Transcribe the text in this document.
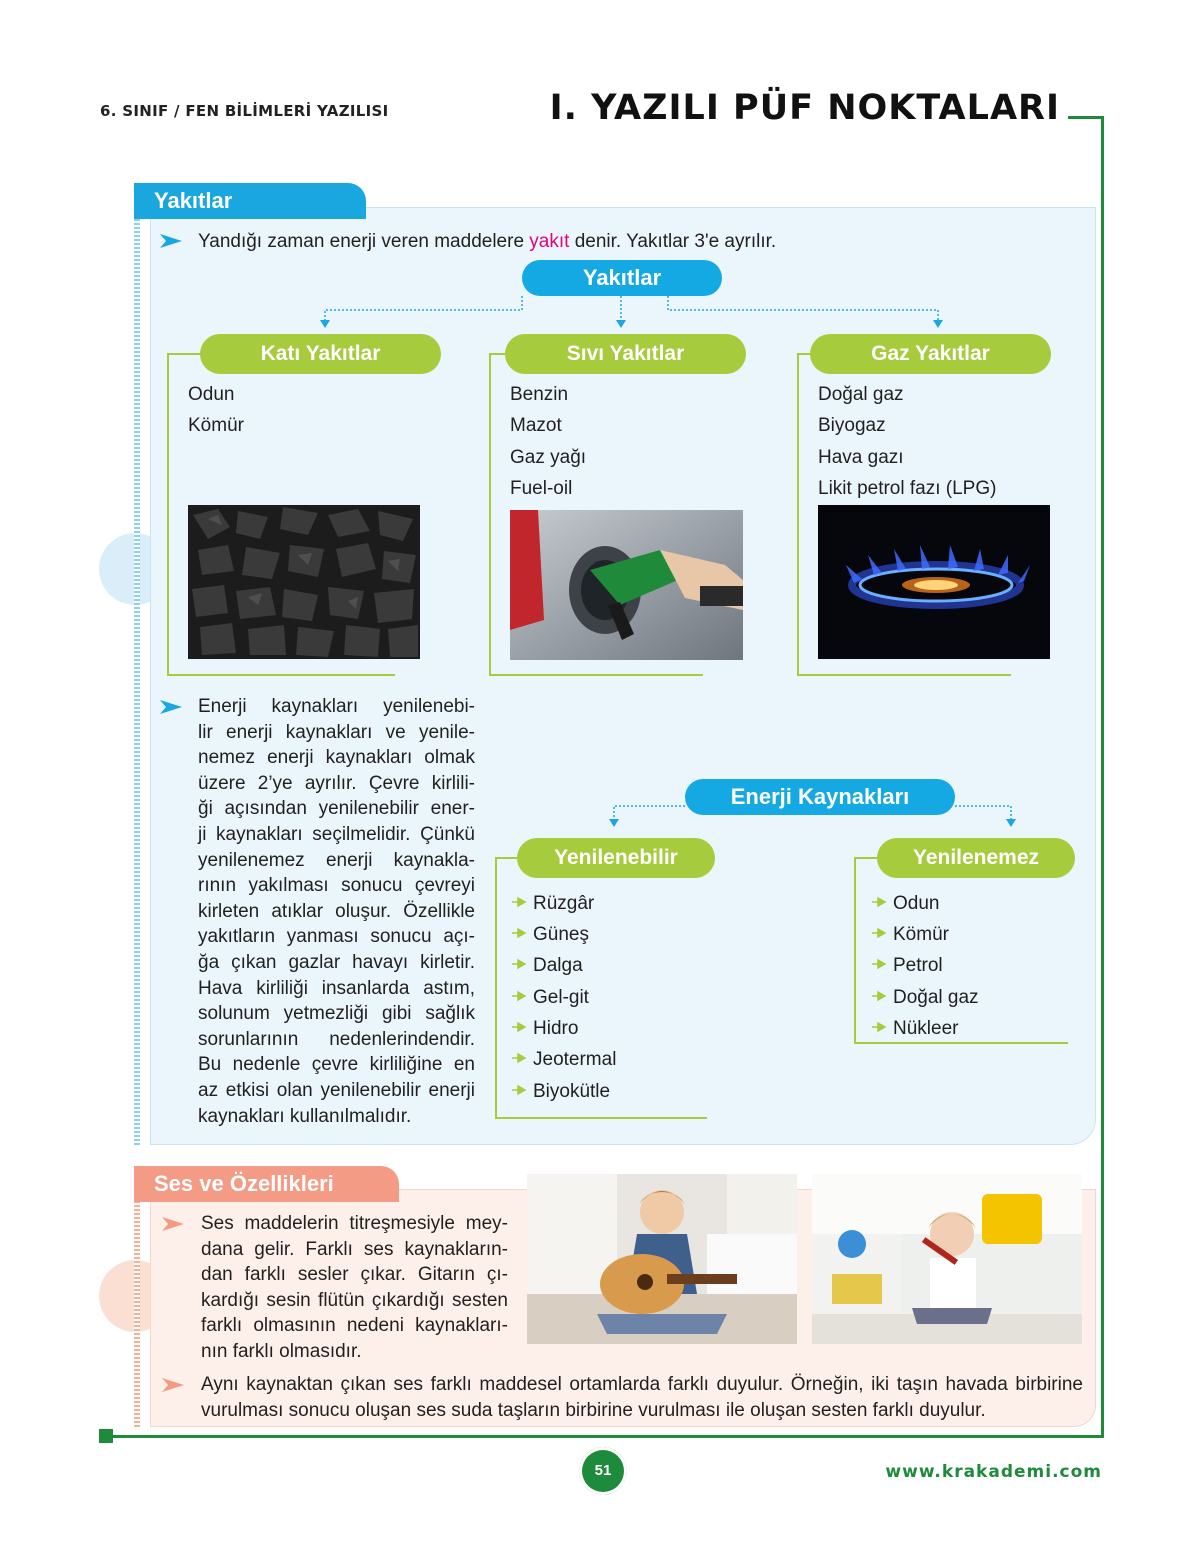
6. SINIF / FEN BİLİMLERİ YAZILISI	I. YAZILI PÜF NOKTALARI
Yakıtlar
Yandığı zaman enerji veren maddelere yakıt denir. Yakıtlar 3'e ayrılır.
Yakıtlar
Katı Yakıtlar
Odun
Kömür
Sıvı Yakıtlar
Benzin
Mazot
Gaz yağı
Fuel-oil
Gaz Yakıtlar
Doğal gaz
Biyogaz
Hava gazı
Likit petrol fazı (LPG)
Enerji kaynakları yenilenebi-
lir enerji kaynakları ve yenile-
nemez enerji kaynakları olmak
üzere 2’ye ayrılır. Çevre kirlili-
ği açısından yenilenebilir ener-
ji kaynakları seçilmelidir. Çünkü
yenilenemez enerji kaynakla-
rının yakılması sonucu çevreyi
kirleten atıklar oluşur. Özellikle
yakıtların yanması sonucu açı-
ğa çıkan gazlar havayı kirletir.
Hava kirliliği insanlarda astım,
solunum yetmezliği gibi sağlık
sorunlarının nedenlerindendir.
Bu nedenle çevre kirliliğine en
az etkisi olan yenilenebilir enerji
kaynakları kullanılmalıdır.
Enerji Kaynakları
Yenilenebilir	Yenilenemez
Rüzgâr
Güneş
Dalga
Gel-git
Hidro
Jeotermal
Biyokütle
Odun
Kömür
Petrol
Doğal gaz
Nükleer
Ses ve Özellikleri
Ses maddelerin titreşmesiyle mey-
dana gelir. Farklı ses kaynakların-
dan farklı sesler çıkar. Gitarın çı-
kardığı sesin flütün çıkardığı sesten
farklı olmasının nedeni kaynakları-
nın farklı olmasıdır.
Aynı kaynaktan çıkan ses farklı maddesel ortamlarda farklı duyulur. Örneğin, iki taşın havada birbirine
vurulması sonucu oluşan ses suda taşların birbirine vurulması ile oluşan sesten farklı duyulur.
51	www.krakademi.com
